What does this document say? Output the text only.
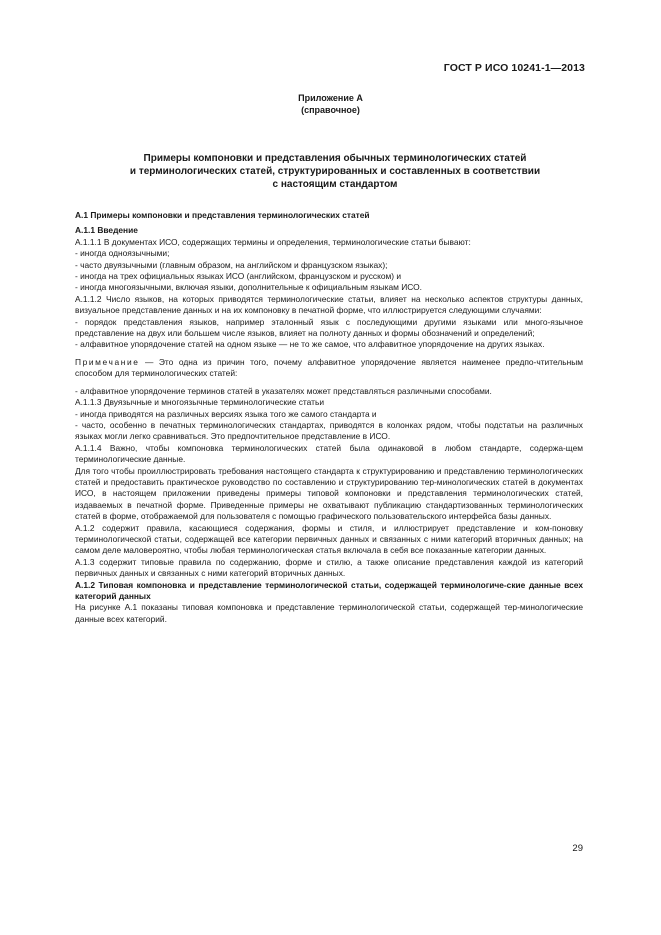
ГОСТ Р ИСО 10241-1—2013
Приложение А
(справочное)
Примеры компоновки и представления обычных терминологических статей
и терминологических статей, структурированных и составленных в соответствии
с настоящим стандартом

А.1 Примеры компоновки и представления терминологических статей

А.1.1 Введение

А.1.1.1 В документах ИСО, содержащих термины и определения, терминологические статьи бывают:

- иногда одноязычными;

- часто двуязычными (главным образом, на английском и французском языках);

- иногда на трех официальных языках ИСО (английском, французском и русском) и

- иногда многоязычными, включая языки, дополнительные к официальным языкам ИСО.

А.1.1.2 Число языков, на которых приводятся терминологические статьи, влияет на несколько аспектов структуры данных, визуальное представление данных и на их компоновку в печатной форме, что иллюстрируется следующими случаями:

- порядок представления языков, например эталонный язык с последующими другими языками или много-язычное представление на двух или большем числе языков, влияет на полноту данных и формы обозначений и определений;

- алфавитное упорядочение статей на одном языке — не то же самое, что алфавитное упорядочение на других языках.

Примечание — Это одна из причин того, почему алфавитное упорядочение является наименее предпо-чтительным способом для терминологических статей:

- алфавитное упорядочение терминов статей в указателях может представляться различными способами.

А.1.1.3 Двуязычные и многоязычные терминологические статьи

- иногда приводятся на различных версиях языка того же самого стандарта и

- часто, особенно в печатных терминологических стандартах, приводятся в колонках рядом, чтобы подстатьи на различных языках могли легко сравниваться. Это предпочтительное представление в ИСО.

А.1.1.4 Важно, чтобы компоновка терминологических статей была одинаковой в любом стандарте, содержа-щем терминологические данные.

Для того чтобы проиллюстрировать требования настоящего стандарта к структурированию и представлению терминологических статей и предоставить практическое руководство по составлению и структурированию тер-минологических статей в документах ИСО, в настоящем приложении приведены примеры типовой компоновки и представления терминологических статей, издаваемых в печатной форме. Приведенные примеры не охватывают публикацию стандартизованных терминологических статей в форме, отображаемой для пользователя с помощью графического пользовательского интерфейса базы данных.

А.1.2 содержит правила, касающиеся содержания, формы и стиля, и иллюстрирует представление и ком-поновку терминологической статьи, содержащей все категории первичных данных и связанных с ними категорий вторичных данных; на самом деле маловероятно, чтобы любая терминологическая статья включала в себя все показанные категории данных.

А.1.3 содержит типовые правила по содержанию, форме и стилю, а также описание представления каждой из категорий первичных данных и связанных с ними категорий вторичных данных.

А.1.2 Типовая компоновка и представление терминологической статьи, содержащей терминологиче-ские данные всех категорий данных

На рисунке А.1 показаны типовая компоновка и представление терминологической статьи, содержащей тер-минологические данные всех категорий.

29
